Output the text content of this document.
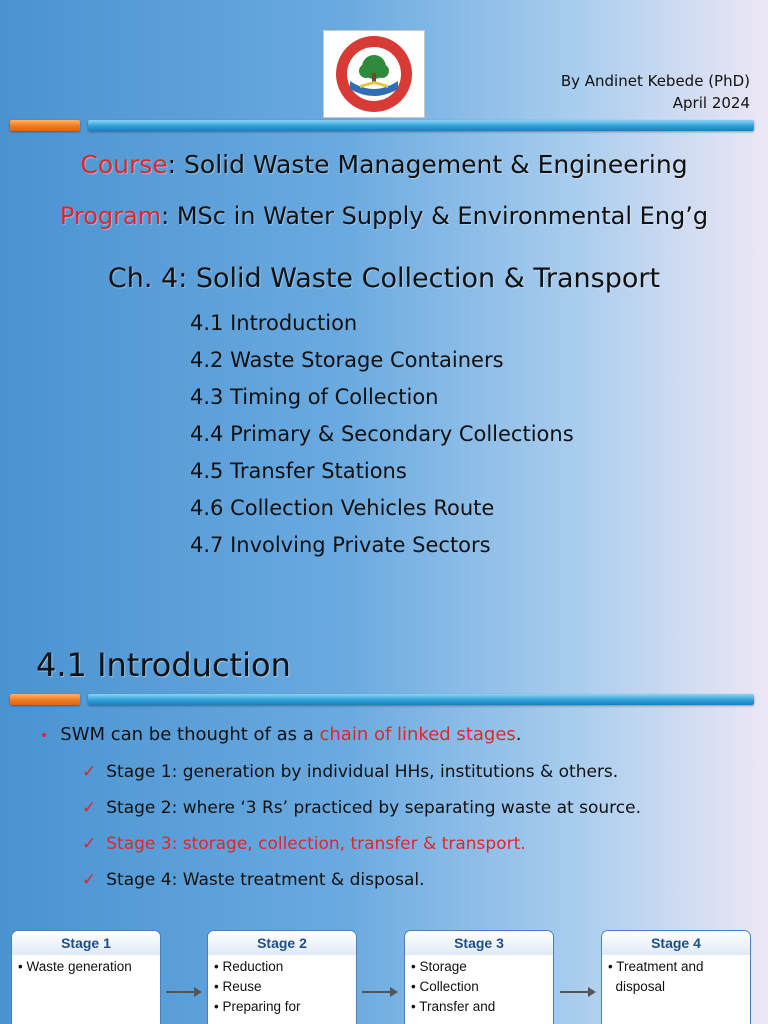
By Andinet Kebede (PhD)
April 2024
Course: Solid Waste Management & Engineering
Program: MSc in Water Supply & Environmental Eng’g
Ch. 4: Solid Waste Collection & Transport
4.1 Introduction
4.2 Waste Storage Containers
4.3 Timing of Collection
4.4 Primary & Secondary Collections
4.5 Transfer Stations
4.6 Collection Vehicles Route
4.7 Involving Private Sectors
4.1 Introduction
• SWM can be thought of as a chain of linked stages.
✓ Stage 1: generation by individual HHs, institutions & others.
✓ Stage 2: where ‘3 Rs’ practiced by separating waste at source.
✓ Stage 3: storage, collection, transfer & transport.
✓ Stage 4: Waste treatment & disposal.
Stage 1
• Waste generation
Stage 2
• Reduction
• Reuse
• Preparing for
Stage 3
• Storage
• Collection
• Transfer and
Stage 4
• Treatment and
disposal
